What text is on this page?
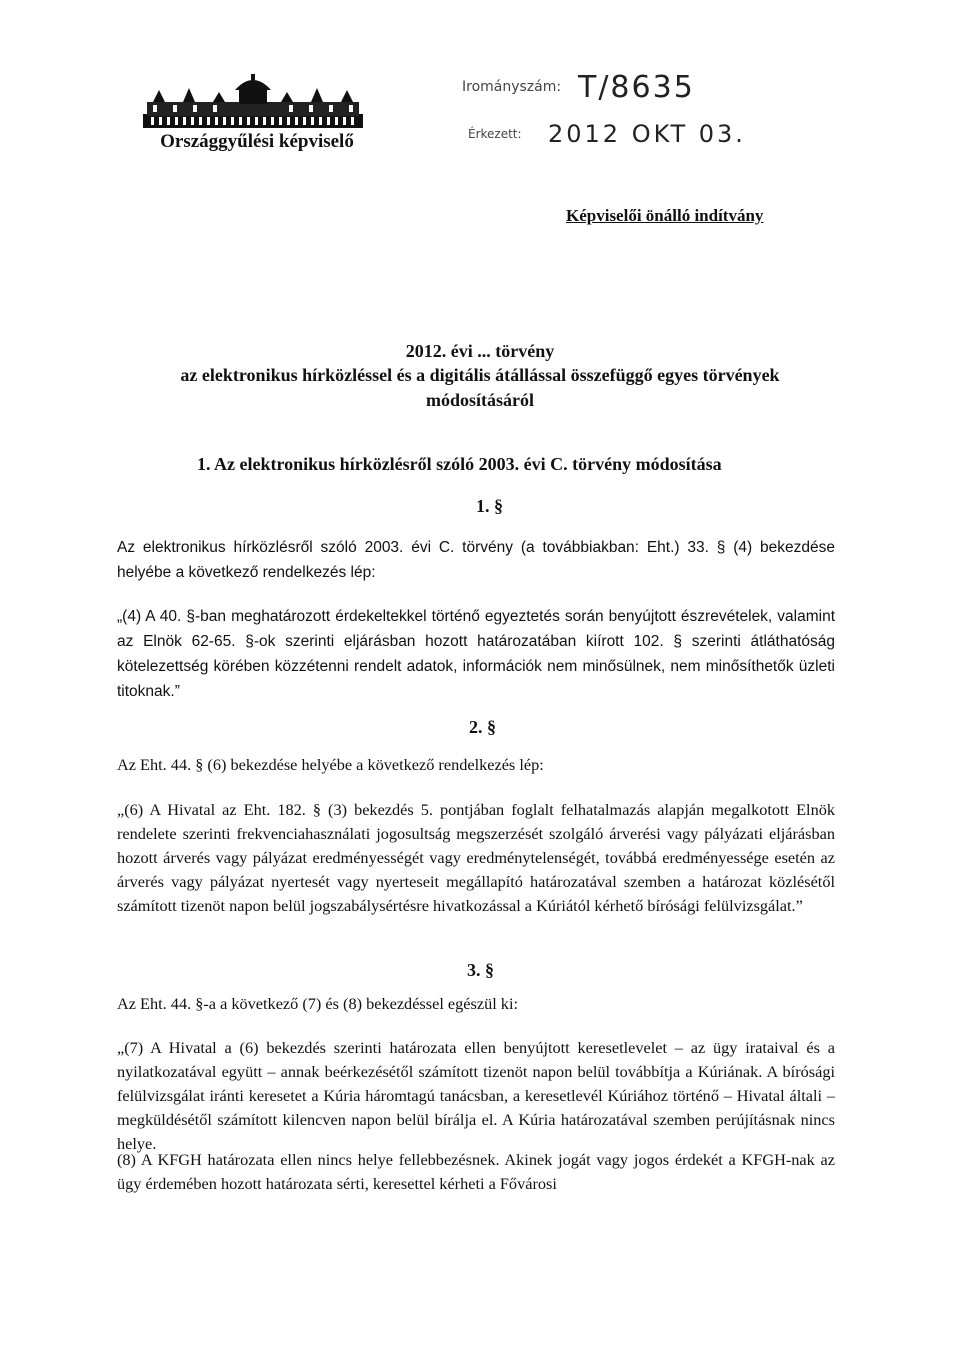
Országgyűlési képviselő
Irományszám: T/8635
Érkezett: 2012 OKT 03.
Képviselői önálló indítvány
2012. évi ... törvény
az elektronikus hírközléssel és a digitális átállással összefüggő egyes törvények
módosításáról
1. Az elektronikus hírközlésről szóló 2003. évi C. törvény módosítása
1. §
Az elektronikus hírközlésről szóló 2003. évi C. törvény (a továbbiakban: Eht.) 33. § (4) bekezdése helyébe a következő rendelkezés lép:
„(4) A 40. §-ban meghatározott érdekeltekkel történő egyeztetés során benyújtott észrevételek, valamint az Elnök 62-65. §-ok szerinti eljárásban hozott határozatában kiírott 102. § szerinti átláthatóság kötelezettség körében közzétenni rendelt adatok, információk nem minősülnek, nem minősíthetők üzleti titoknak.”
2. §
Az Eht. 44. § (6) bekezdése helyébe a következő rendelkezés lép:
„(6) A Hivatal az Eht. 182. § (3) bekezdés 5. pontjában foglalt felhatalmazás alapján megalkotott Elnök rendelete szerinti frekvenciahasználati jogosultság megszerzését szolgáló árverési vagy pályázati eljárásban hozott árverés vagy pályázat eredményességét vagy eredménytelenségét, továbbá eredményessége esetén az árverés vagy pályázat nyertesét vagy nyerteseit megállapító határozatával szemben a határozat közlésétől számított tizenöt napon belül jogszabálysértésre hivatkozással a Kúriától kérhető bírósági felülvizsgálat.”
3. §
Az Eht. 44. §-a a következő (7) és (8) bekezdéssel egészül ki:
„(7) A Hivatal a (6) bekezdés szerinti határozata ellen benyújtott keresetlevelet – az ügy irataival és a nyilatkozatával együtt – annak beérkezésétől számított tizenöt napon belül továbbítja a Kúriának. A bírósági felülvizsgálat iránti keresetet a Kúria háromtagú tanácsban, a keresetlevél Kúriához történő – Hivatal általi – megküldésétől számított kilencven napon belül bírálja el. A Kúria határozatával szemben perújításnak nincs helye.
(8) A KFGH határozata ellen nincs helye fellebbezésnek. Akinek jogát vagy jogos érdekét a KFGH-nak az ügy érdemében hozott határozata sérti, keresettel kérheti a Fővárosi
